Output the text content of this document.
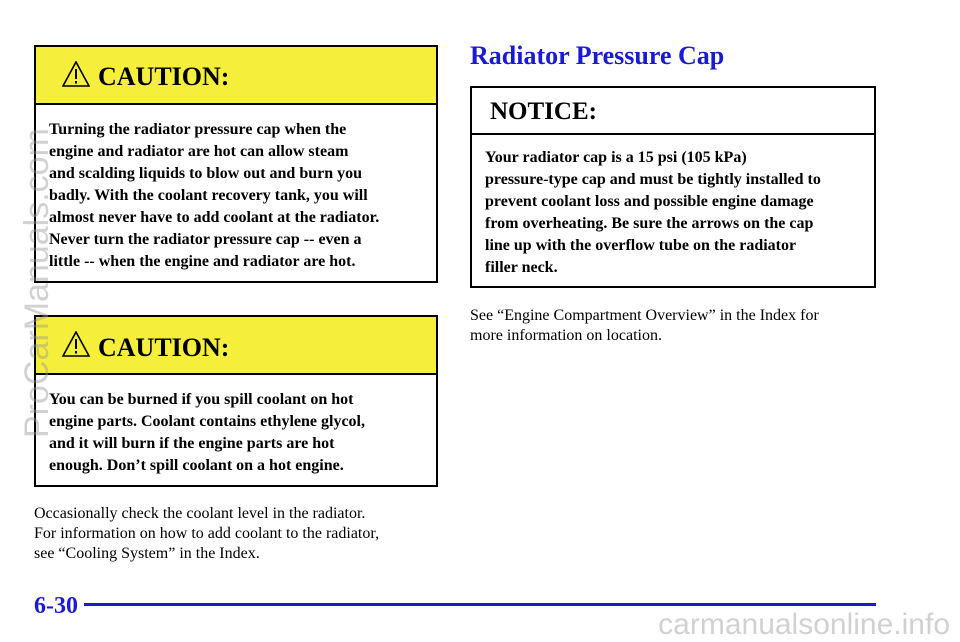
CAUTION:
Turning the radiator pressure cap when the
engine and radiator are hot can allow steam
and scalding liquids to blow out and burn you
badly. With the coolant recovery tank, you will
almost never have to add coolant at the radiator.
Never turn the radiator pressure cap -- even a
little -- when the engine and radiator are hot.
CAUTION:
You can be burned if you spill coolant on hot
engine parts. Coolant contains ethylene glycol,
and it will burn if the engine parts are hot
enough. Don’t spill coolant on a hot engine.
Occasionally check the coolant level in the radiator.
For information on how to add coolant to the radiator,
see “Cooling System” in the Index.
Radiator Pressure Cap
NOTICE:
Your radiator cap is a 15 psi (105 kPa)
pressure-type cap and must be tightly installed to
prevent coolant loss and possible engine damage
from overheating. Be sure the arrows on the cap
line up with the overflow tube on the radiator
filler neck.
See “Engine Compartment Overview” in the Index for
more information on location.
6-30
ProCarManuals.com
carmanualsonline.info
